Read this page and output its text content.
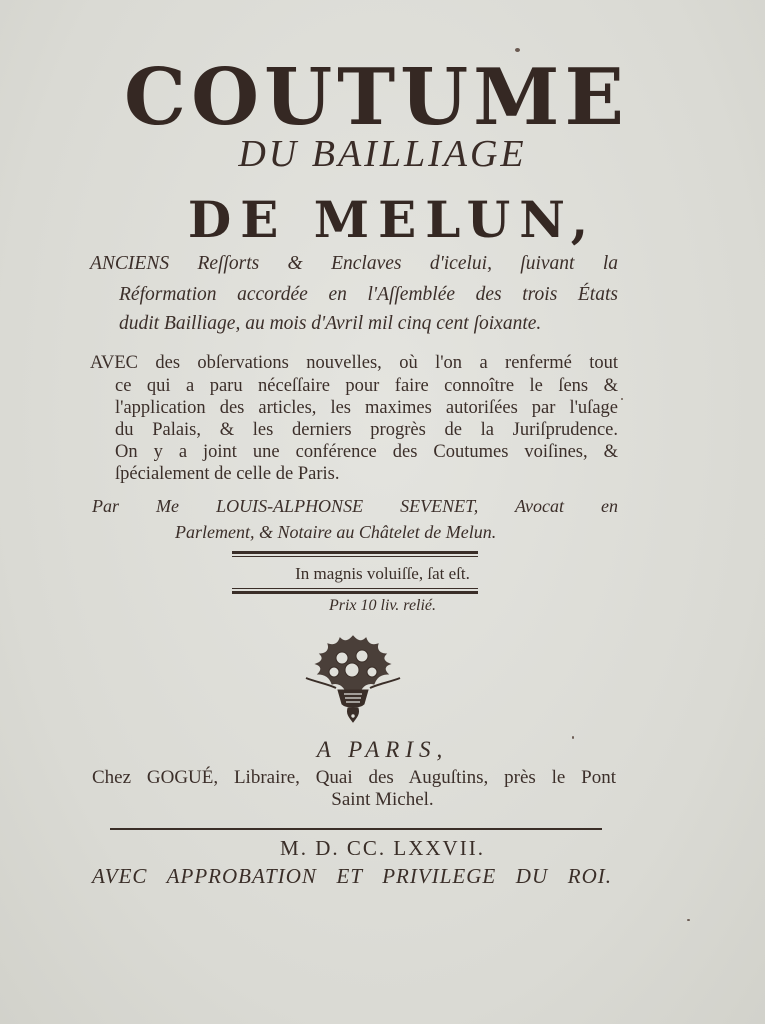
COUTUME
DU BAILLIAGE
DE MELUN,
ANCIENS Reſſorts & Enclaves d'icelui, ſuivant la
Réformation accordée en l'Aſſemblée des trois États
dudit Bailliage, au mois d'Avril mil cinq cent ſoixante.
AVEC des obſervations nouvelles, où l'on a renfermé tout
ce qui a paru néceſſaire pour faire connoître le ſens &
l'application des articles, les maximes autoriſées par l'uſage
du Palais, & les derniers progrès de la Juriſprudence.
On y a joint une conférence des Coutumes voiſines, &
ſpécialement de celle de Paris.
Par Me LOUIS-ALPHONSE SEVENET, Avocat en
Parlement, & Notaire au Châtelet de Melun.
In magnis voluiſſe, ſat eſt.
Prix 10 liv. relié.
A PARIS,
Chez GOGUÉ, Libraire, Quai des Auguſtins, près le Pont
Saint Michel.
M. D. CC. LXXVII.
AVEC APPROBATION ET PRIVILEGE DU ROI.
